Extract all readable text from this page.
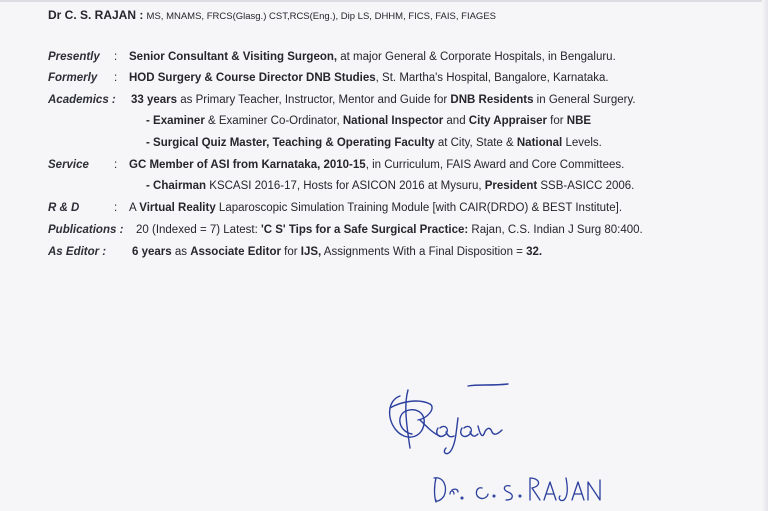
Dr C. S. RAJAN : MS, MNAMS, FRCS(Glasg.) CST,RCS(Eng.), Dip LS, DHHM, FICS, FAIS, FIAGES
Presently : Senior Consultant & Visiting Surgeon, at major General & Corporate Hospitals, in Bengaluru.
Formerly : HOD Surgery & Course Director DNB Studies, St. Martha's Hospital, Bangalore, Karnataka.
Academics : 33 years as Primary Teacher, Instructor, Mentor and Guide for DNB Residents in General Surgery.
- Examiner & Examiner Co-Ordinator, National Inspector and City Appraiser for NBE
- Surgical Quiz Master, Teaching & Operating Faculty at City, State & National Levels.
Service : GC Member of ASI from Karnataka, 2010-15, in Curriculum, FAIS Award and Core Committees.
- Chairman KSCASI 2016-17, Hosts for ASICON 2016 at Mysuru, President SSB-ASICC 2006.
R & D	: A Virtual Reality Laparoscopic Simulation Training Module [with CAIR(DRDO) & BEST Institute].
Publications : 20 (Indexed = 7) Latest: 'C S' Tips for a Safe Surgical Practice: Rajan, C.S. Indian J Surg 80:400.
As Editor : 6 years as Associate Editor for IJS, Assignments With a Final Disposition = 32.
